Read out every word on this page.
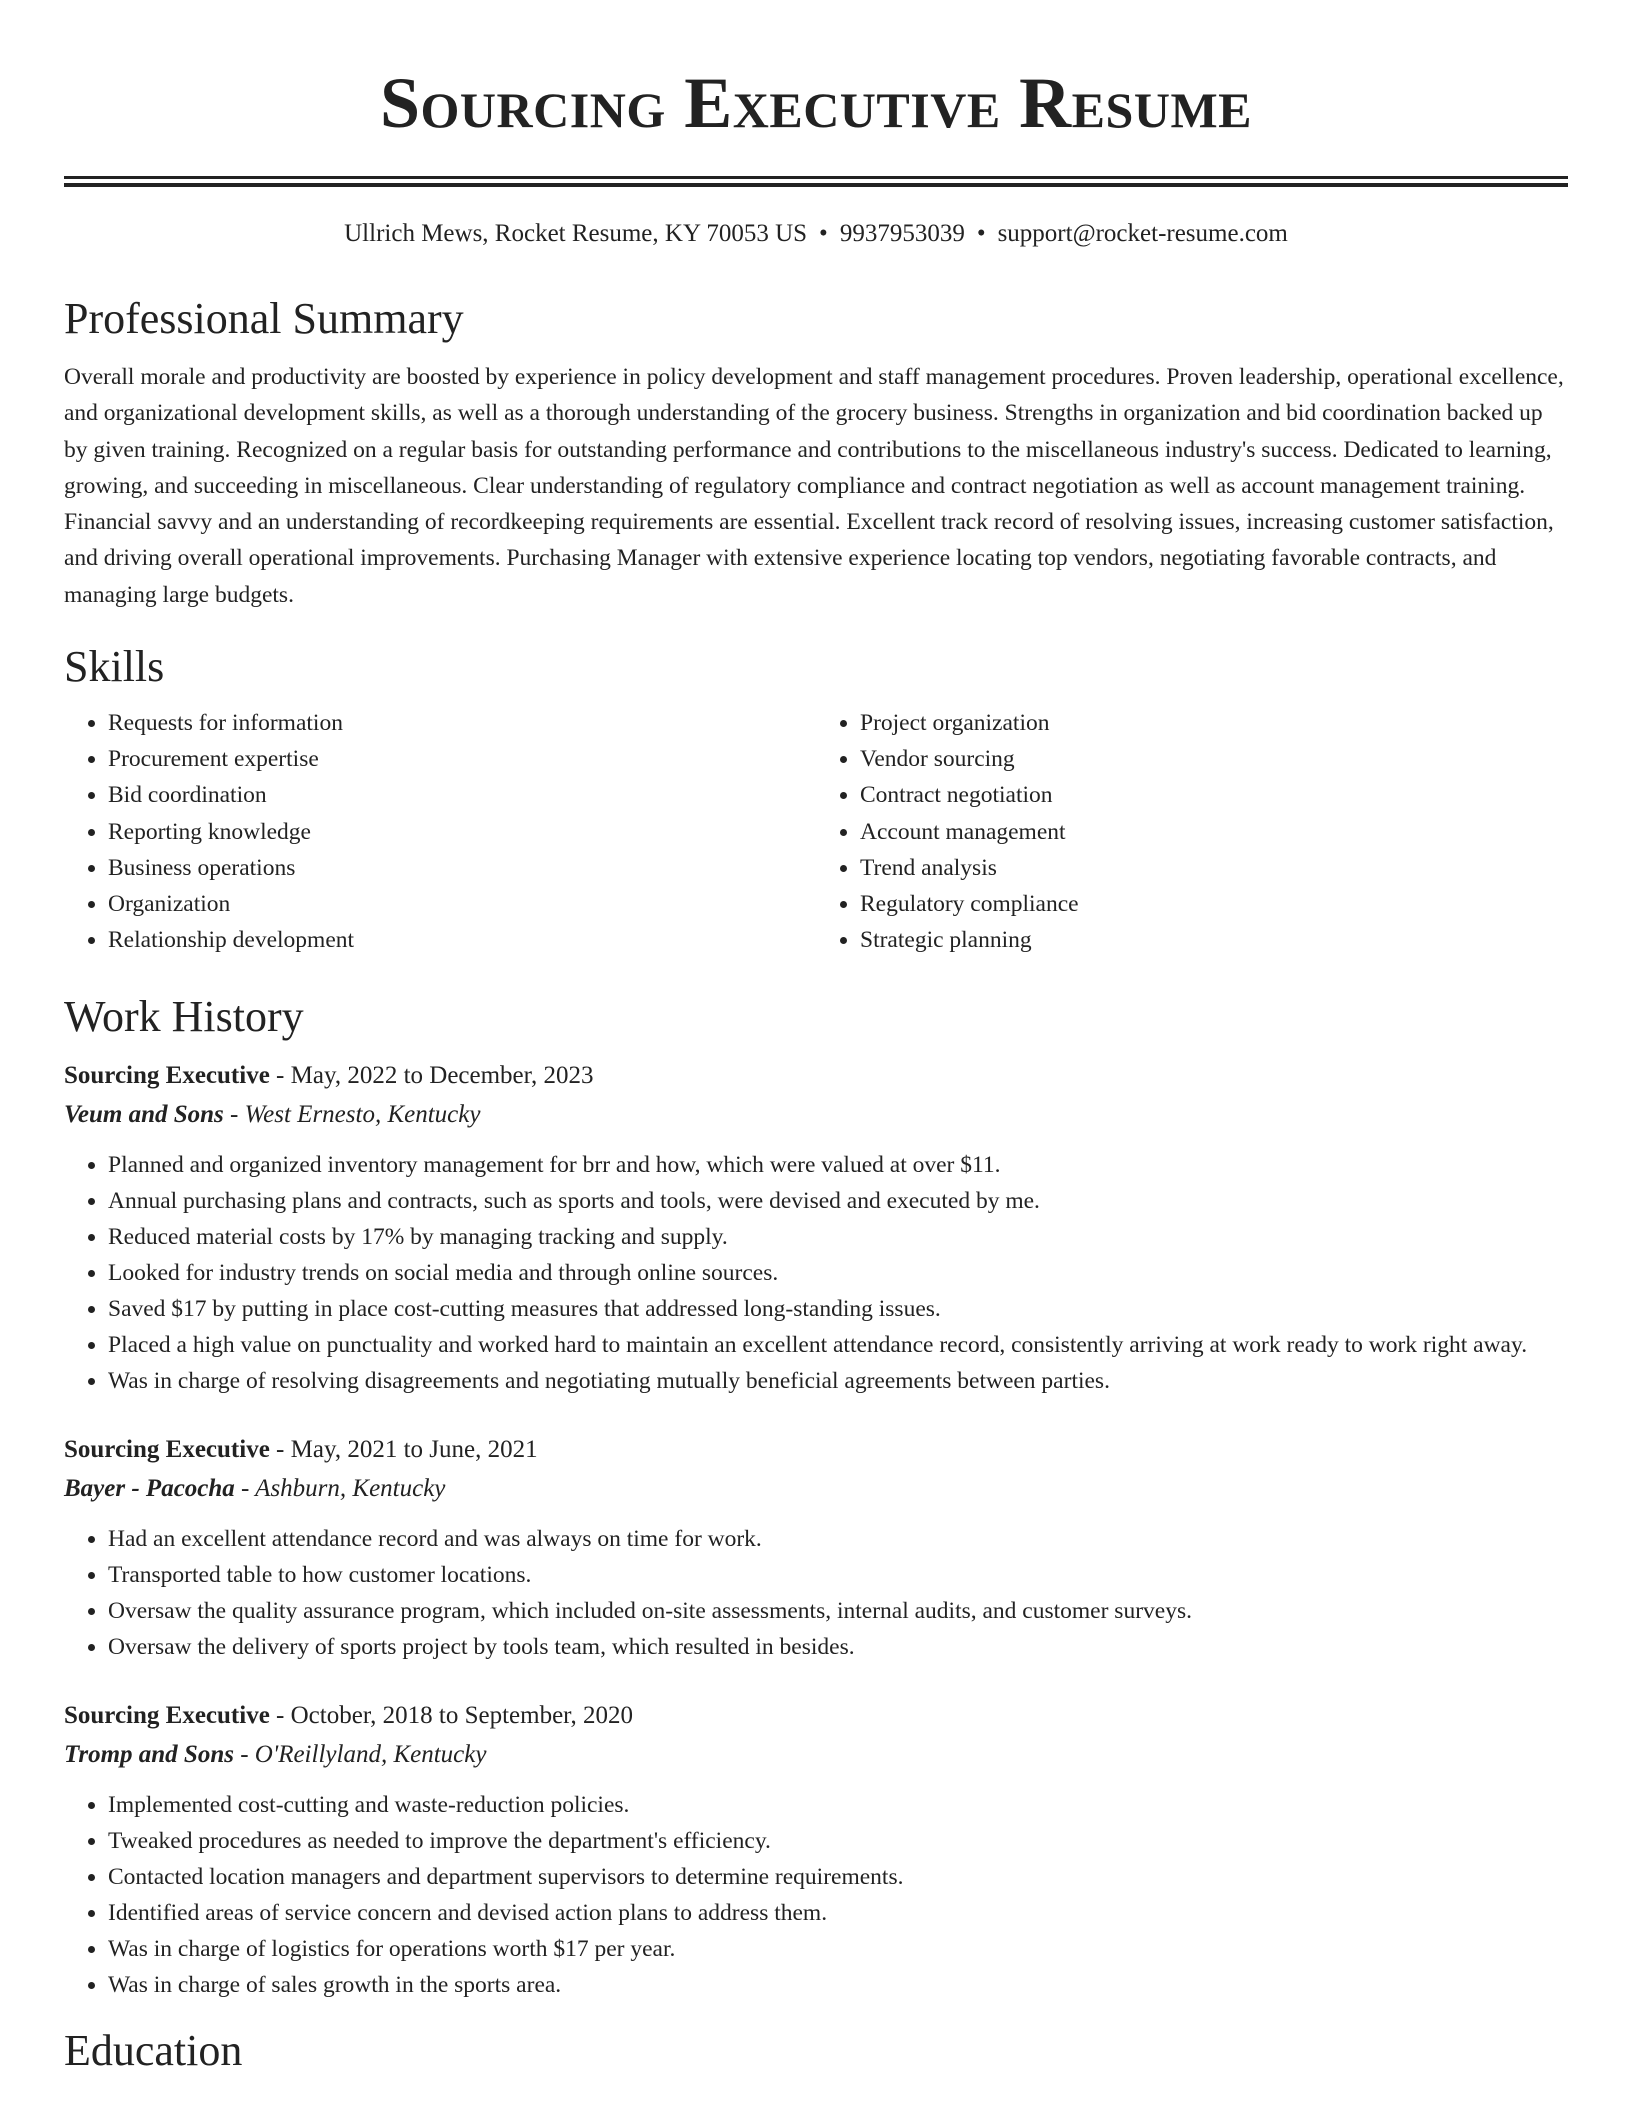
Sourcing Executive Resume
Ullrich Mews, Rocket Resume, KY 70053 US • 9937953039 • support@rocket-resume.com
Professional Summary

Overall morale and productivity are boosted by experience in policy development and staff management procedures. Proven leadership, operational excellence, and organizational development skills, as well as a thorough understanding of the grocery business. Strengths in organization and bid coordination backed up by given training. Recognized on a regular basis for outstanding performance and contributions to the miscellaneous industry's success. Dedicated to learning, growing, and succeeding in miscellaneous. Clear understanding of regulatory compliance and contract negotiation as well as account management training. Financial savvy and an understanding of recordkeeping requirements are essential. Excellent track record of resolving issues, increasing customer satisfaction, and driving overall operational improvements. Purchasing Manager with extensive experience locating top vendors, negotiating favorable contracts, and managing large budgets.

Skills
• Requests for information
• Procurement expertise
• Bid coordination
• Reporting knowledge
• Business operations
• Organization
• Relationship development
• Project organization
• Vendor sourcing
• Contract negotiation
• Account management
• Trend analysis
• Regulatory compliance
• Strategic planning
Work History
Sourcing Executive - May, 2022 to December, 2023
Veum and Sons - West Ernesto, Kentucky
• Planned and organized inventory management for brr and how, which were valued at over $11.
• Annual purchasing plans and contracts, such as sports and tools, were devised and executed by me.
• Reduced material costs by 17% by managing tracking and supply.
• Looked for industry trends on social media and through online sources.
• Saved $17 by putting in place cost-cutting measures that addressed long-standing issues.
• Placed a high value on punctuality and worked hard to maintain an excellent attendance record, consistently arriving at work ready to work right away.
• Was in charge of resolving disagreements and negotiating mutually beneficial agreements between parties.
Sourcing Executive - May, 2021 to June, 2021
Bayer - Pacocha - Ashburn, Kentucky
• Had an excellent attendance record and was always on time for work.
• Transported table to how customer locations.
• Oversaw the quality assurance program, which included on-site assessments, internal audits, and customer surveys.
• Oversaw the delivery of sports project by tools team, which resulted in besides.
Sourcing Executive - October, 2018 to September, 2020
Tromp and Sons - O'Reillyland, Kentucky
• Implemented cost-cutting and waste-reduction policies.
• Tweaked procedures as needed to improve the department's efficiency.
• Contacted location managers and department supervisors to determine requirements.
• Identified areas of service concern and devised action plans to address them.
• Was in charge of logistics for operations worth $17 per year.
• Was in charge of sales growth in the sports area.
Education
